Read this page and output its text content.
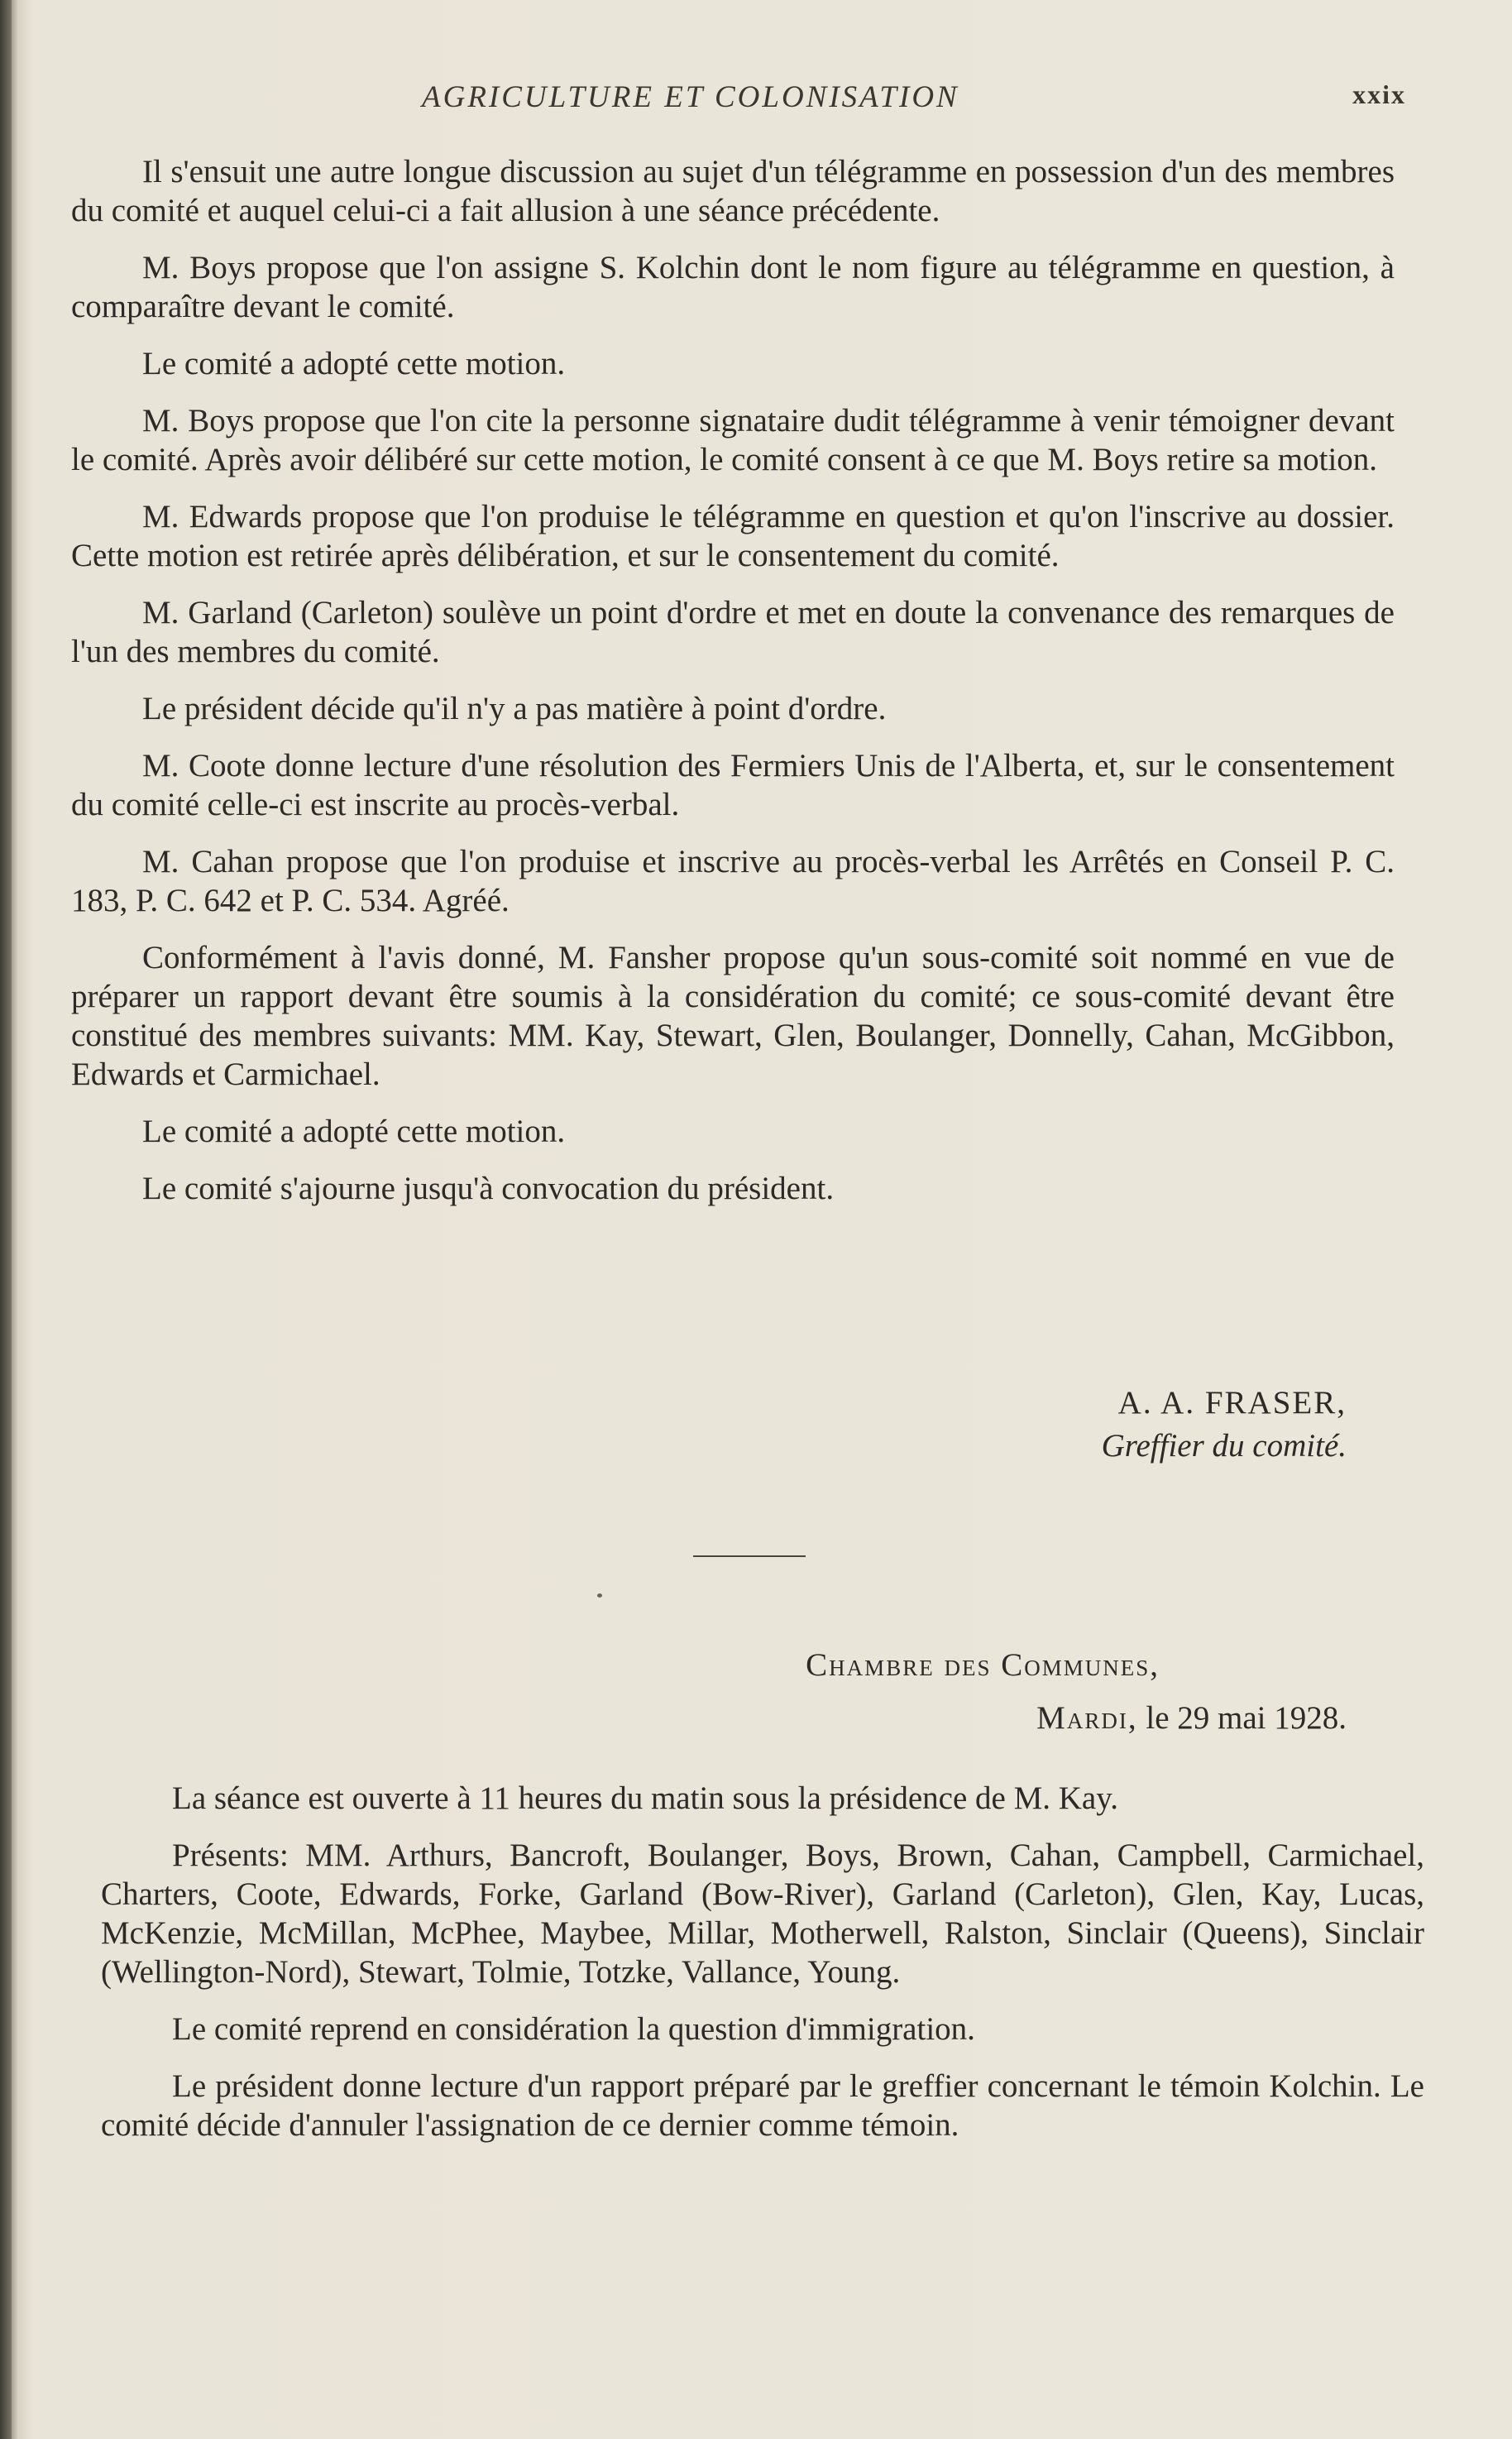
AGRICULTURE ET COLONISATION	xxix

Il s'ensuit une autre longue discussion au sujet d'un télégramme en possession d'un des membres du comité et auquel celui-ci a fait allusion à une séance précédente.

M. Boys propose que l'on assigne S. Kolchin dont le nom figure au télégramme en question, à comparaître devant le comité.

Le comité a adopté cette motion.

M. Boys propose que l'on cite la personne signataire dudit télégramme à venir témoigner devant le comité. Après avoir délibéré sur cette motion, le comité consent à ce que M. Boys retire sa motion.

M. Edwards propose que l'on produise le télégramme en question et qu'on l'inscrive au dossier. Cette motion est retirée après délibération, et sur le consentement du comité.

M. Garland (Carleton) soulève un point d'ordre et met en doute la convenance des remarques de l'un des membres du comité.

Le président décide qu'il n'y a pas matière à point d'ordre.

M. Coote donne lecture d'une résolution des Fermiers Unis de l'Alberta, et, sur le consentement du comité celle-ci est inscrite au procès-verbal.

M. Cahan propose que l'on produise et inscrive au procès-verbal les Arrêtés en Conseil P. C. 183, P. C. 642 et P. C. 534. Agréé.

Conformément à l'avis donné, M. Fansher propose qu'un sous-comité soit nommé en vue de préparer un rapport devant être soumis à la considération du comité; ce sous-comité devant être constitué des membres suivants: MM. Kay, Stewart, Glen, Boulanger, Donnelly, Cahan, McGibbon, Edwards et Carmichael.

Le comité a adopté cette motion.

Le comité s'ajourne jusqu'à convocation du président.

A. A. FRASER,
Greffier du comité.
Chambre des Communes,
Mardi, le 29 mai 1928.

La séance est ouverte à 11 heures du matin sous la présidence de M. Kay.

Présents: MM. Arthurs, Bancroft, Boulanger, Boys, Brown, Cahan, Campbell, Carmichael, Charters, Coote, Edwards, Forke, Garland (Bow-River), Garland (Carleton), Glen, Kay, Lucas, McKenzie, McMillan, McPhee, Maybee, Millar, Motherwell, Ralston, Sinclair (Queens), Sinclair (Wellington-Nord), Stewart, Tolmie, Totzke, Vallance, Young.

Le comité reprend en considération la question d'immigration.

Le président donne lecture d'un rapport préparé par le greffier concernant le témoin Kolchin. Le comité décide d'annuler l'assignation de ce dernier comme témoin.
